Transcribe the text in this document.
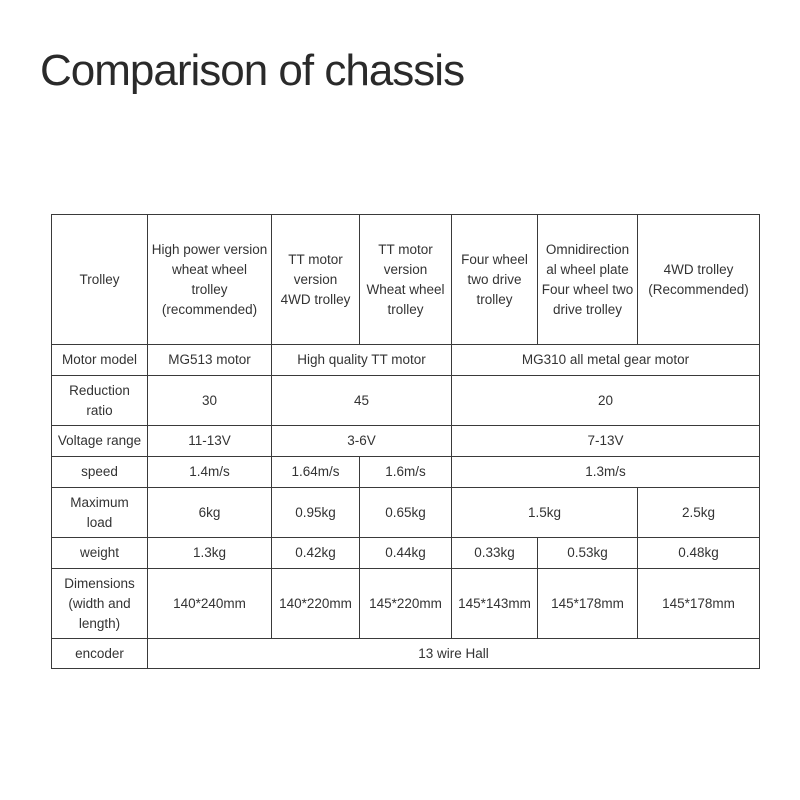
Comparison of chassis
Trolley	High power version
wheat wheel
trolley
(recommended)	TT motor
version
4WD trolley	TT motor
version
Wheat wheel
trolley	Four wheel
two drive
trolley	Omnidirection
al wheel plate
Four wheel two
drive trolley	4WD trolley
(Recommended)

Motor model	MG513 motor	High quality TT motor		MG310 all metal gear motor		

Reduction
ratio	30	45		20		

Voltage range	11-13V	3-6V		7-13V		

speed	1.4m/s	1.64m/s	1.6m/s	1.3m/s		

Maximum
load	6kg	0.95kg	0.65kg	1.5kg		2.5kg

weight	1.3kg	0.42kg	0.44kg	0.33kg	0.53kg	0.48kg

Dimensions
(width and
length)	140*240mm	140*220mm	145*220mm	145*143mm	145*178mm	145*178mm

encoder	13 wire Hall					
